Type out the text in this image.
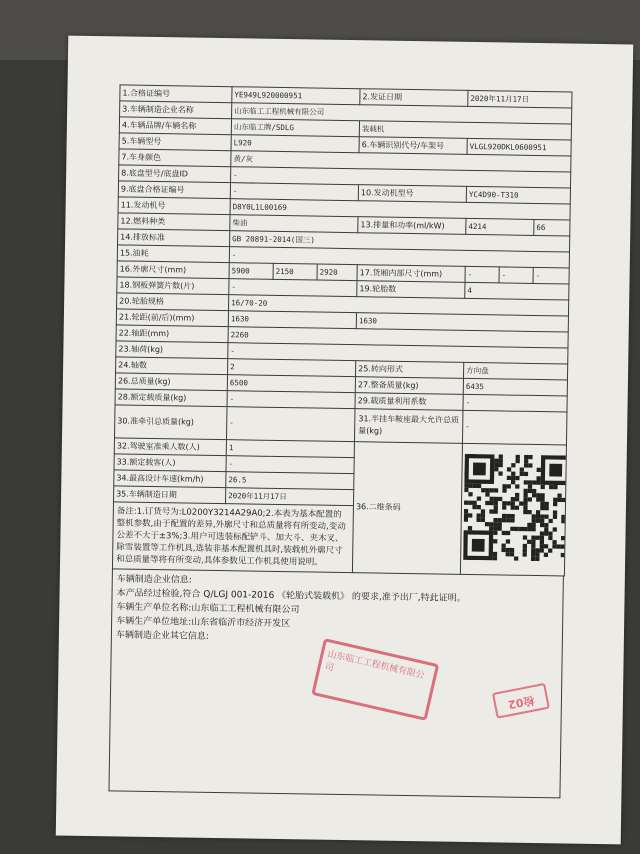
1.合格证编号	YE949L920000951			2.发证日期	2020年11月17日		
3.车辆制造企业名称	山东临工工程机械有限公司						
4.车辆品牌/车辆名称	山东临工牌/SDLG			装载机			
5.车辆型号	L920			6.车辆识别代号/车架号	VLGL920DKL0600951		
7.车身颜色	黄/灰						
8.底盘型号/底盘ID	-						
9.底盘合格证编号	-			10.发动机型号	YC4D90-T310		
11.发动机号	D8Y0L1L00169						
12.燃料种类	柴油			13.排量和功率(ml/kW)	4214		66
14.排放标准	GB 20891-2014(国三)						
15.油耗	-						
16.外廓尺寸(mm)	5900	2150	2920	17.货厢内部尺寸(mm)	-	-	-
18.钢板弹簧片数(片)	-			19.轮胎数	4		
20.轮胎规格	16/70-20						
21.轮距(前/后)(mm)	1630			1630			
22.轴距(mm)	2260						
23.轴荷(kg)	-						
24.轴数	2			25.转向形式	方向盘		
26.总质量(kg)	6500			27.整备质量(kg)	6435		
28.额定载质量(kg)	-			29.载质量利用系数	-		
30.准牵引总质量(kg)	-			31.半挂车鞍座最大允许总质量(kg)	-		
32.驾驶室准乘人数(人)	1			36.二维条码	
33.额定载客(人)	-						
34.最高设计车速(km/h)	26.5						
35.车辆制造日期	2020年11月17日						
备注:1.订货号为:L0200Y3214A29A0;2.本表为基本配置的整机参数,由于配置的差异,外廓尺寸和总质量将有所变动,变动公差不大于±3%;3.用户可选装标配铲斗、加大斗、夹木叉、除雪装置等工作机具,选装非基本配置机具时,装载机外廓尺寸和总质量等将有所变动,具体参数见工作机具使用说明。							
车辆制造企业信息:
本产品经过检验,符合 Q/LGJ 001-2016 《轮胎式装载机》 的要求,准予出厂,特此证明。
车辆生产单位名称:山东临工工程机械有限公司
车辆生产单位地址:山东省临沂市经济开发区
车辆制造企业其它信息:
山东临工工程机械有限公司
检02
